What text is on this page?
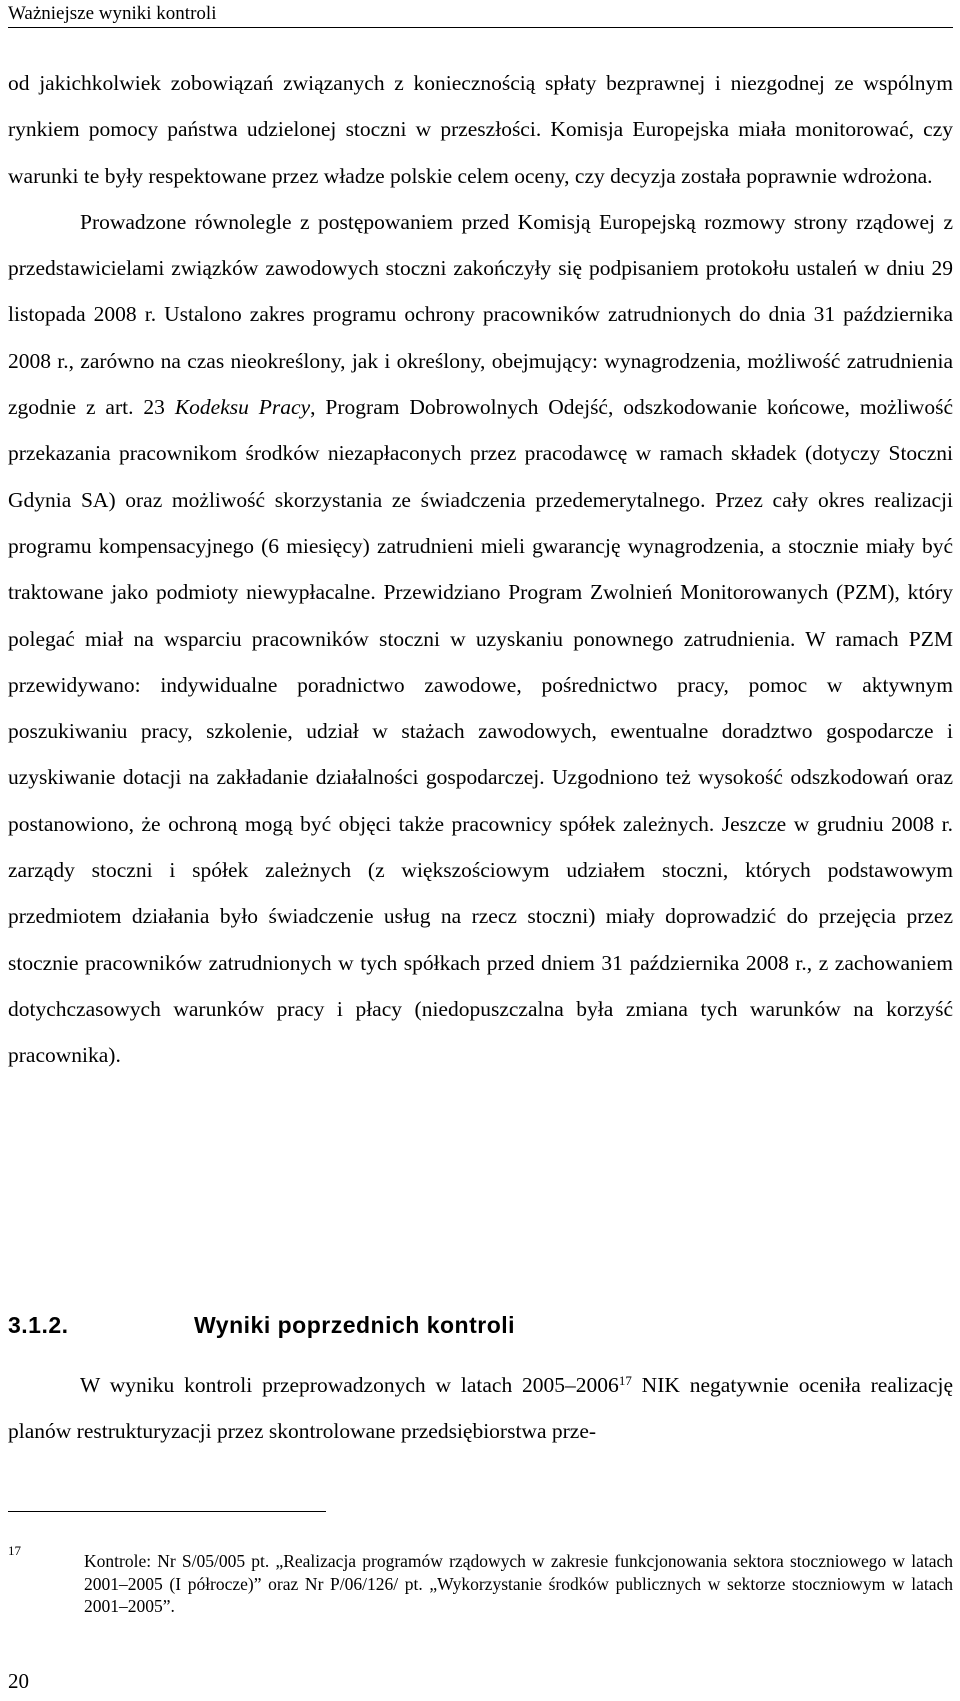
Ważniejsze wyniki kontroli

od jakichkolwiek zobowiązań związanych z koniecznością spłaty bezprawnej i niezgodnej ze wspólnym rynkiem pomocy państwa udzielonej stoczni w przeszłości. Komisja Europejska miała monitorować, czy warunki te były respektowane przez władze polskie celem oceny, czy decyzja została poprawnie wdrożona.

Prowadzone równolegle z postępowaniem przed Komisją Europejską rozmowy strony rządowej z przedstawicielami związków zawodowych stoczni zakończyły się podpisaniem protokołu ustaleń w dniu 29 listopada 2008 r. Ustalono zakres programu ochrony pracowników zatrudnionych do dnia 31 października 2008 r., zarówno na czas nieokreślony, jak i określony, obejmujący: wynagrodzenia, możliwość zatrudnienia zgodnie z art. 23 Kodeksu Pracy, Program Dobrowolnych Odejść, odszkodowanie końcowe, możliwość przekazania pracownikom środków niezapłaconych przez pracodawcę w ramach składek (dotyczy Stoczni Gdynia SA) oraz możliwość skorzystania ze świadczenia przedemerytalnego. Przez cały okres realizacji programu kompensacyjnego (6 miesięcy) zatrudnieni mieli gwarancję wynagrodzenia, a stocznie miały być traktowane jako podmioty niewypłacalne. Przewidziano Program Zwolnień Monitorowanych (PZM), który polegać miał na wsparciu pracowników stoczni w uzyskaniu ponownego zatrudnienia. W ramach PZM przewidywano: indywidualne poradnictwo zawodowe, pośrednictwo pracy, pomoc w aktywnym poszukiwaniu pracy, szkolenie, udział w stażach zawodowych, ewentualne doradztwo gospodarcze i uzyskiwanie dotacji na zakładanie działalności gospodarczej. Uzgodniono też wysokość odszkodowań oraz postanowiono, że ochroną mogą być objęci także pracownicy spółek zależnych. Jeszcze w grudniu 2008 r. zarządy stoczni i spółek zależnych (z większościowym udziałem stoczni, których podstawowym przedmiotem działania było świadczenie usług na rzecz stoczni) miały doprowadzić do przejęcia przez stocznie pracowników zatrudnionych w tych spółkach przed dniem 31 października 2008 r., z zachowaniem dotychczasowych warunków pracy i płacy (niedopuszczalna była zmiana tych warunków na korzyść pracownika).

3.1.2.	Wyniki poprzednich kontroli

W wyniku kontroli przeprowadzonych w latach 2005–2006$^{17}$ NIK negatywnie oceniła realizację planów restrukturyzacji przez skontrolowane przedsiębiorstwa prze-

17
Kontrole: Nr S/05/005 pt. „Realizacja programów rządowych w zakresie funkcjonowania sektora stoczniowego w latach 2001–2005 (I półrocze)” oraz Nr P/06/126/ pt. „Wykorzystanie środków publicznych w sektorze stoczniowym w latach 2001–2005”.
20
